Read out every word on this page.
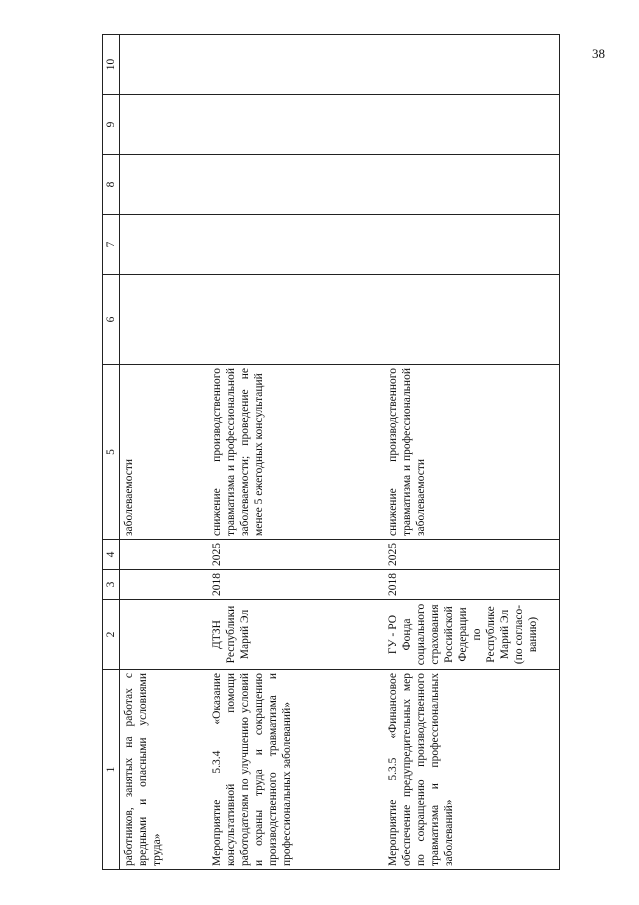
38
1	2	3	4	5	6	7	8	9	10
работников, занятых на работах с вредными и опасными условиями труда»				заболеваемости					
Мероприятие 5.3.4 «Оказание консультативной помощи работодателям по улучшению условий и охраны труда и сокращению производственного травматизма и профессиональных заболеваний»	ДТЗН Республики Марий Эл	2018	2025	снижение производственного травматизма и профессиональной заболеваемости; проведение не менее 5 ежегодных консультаций					
Мероприятие 5.3.5 «Финансовое обеспечение предупредительных мер по сокращению производственного травматизма и профессиональных заболеваний»	ГУ - РО Фонда социального страхования Российской Федерации по Республике Марий Эл (по согласо-ванию)	2018	2025	снижение производственного травматизма и профессиональной заболеваемости					
